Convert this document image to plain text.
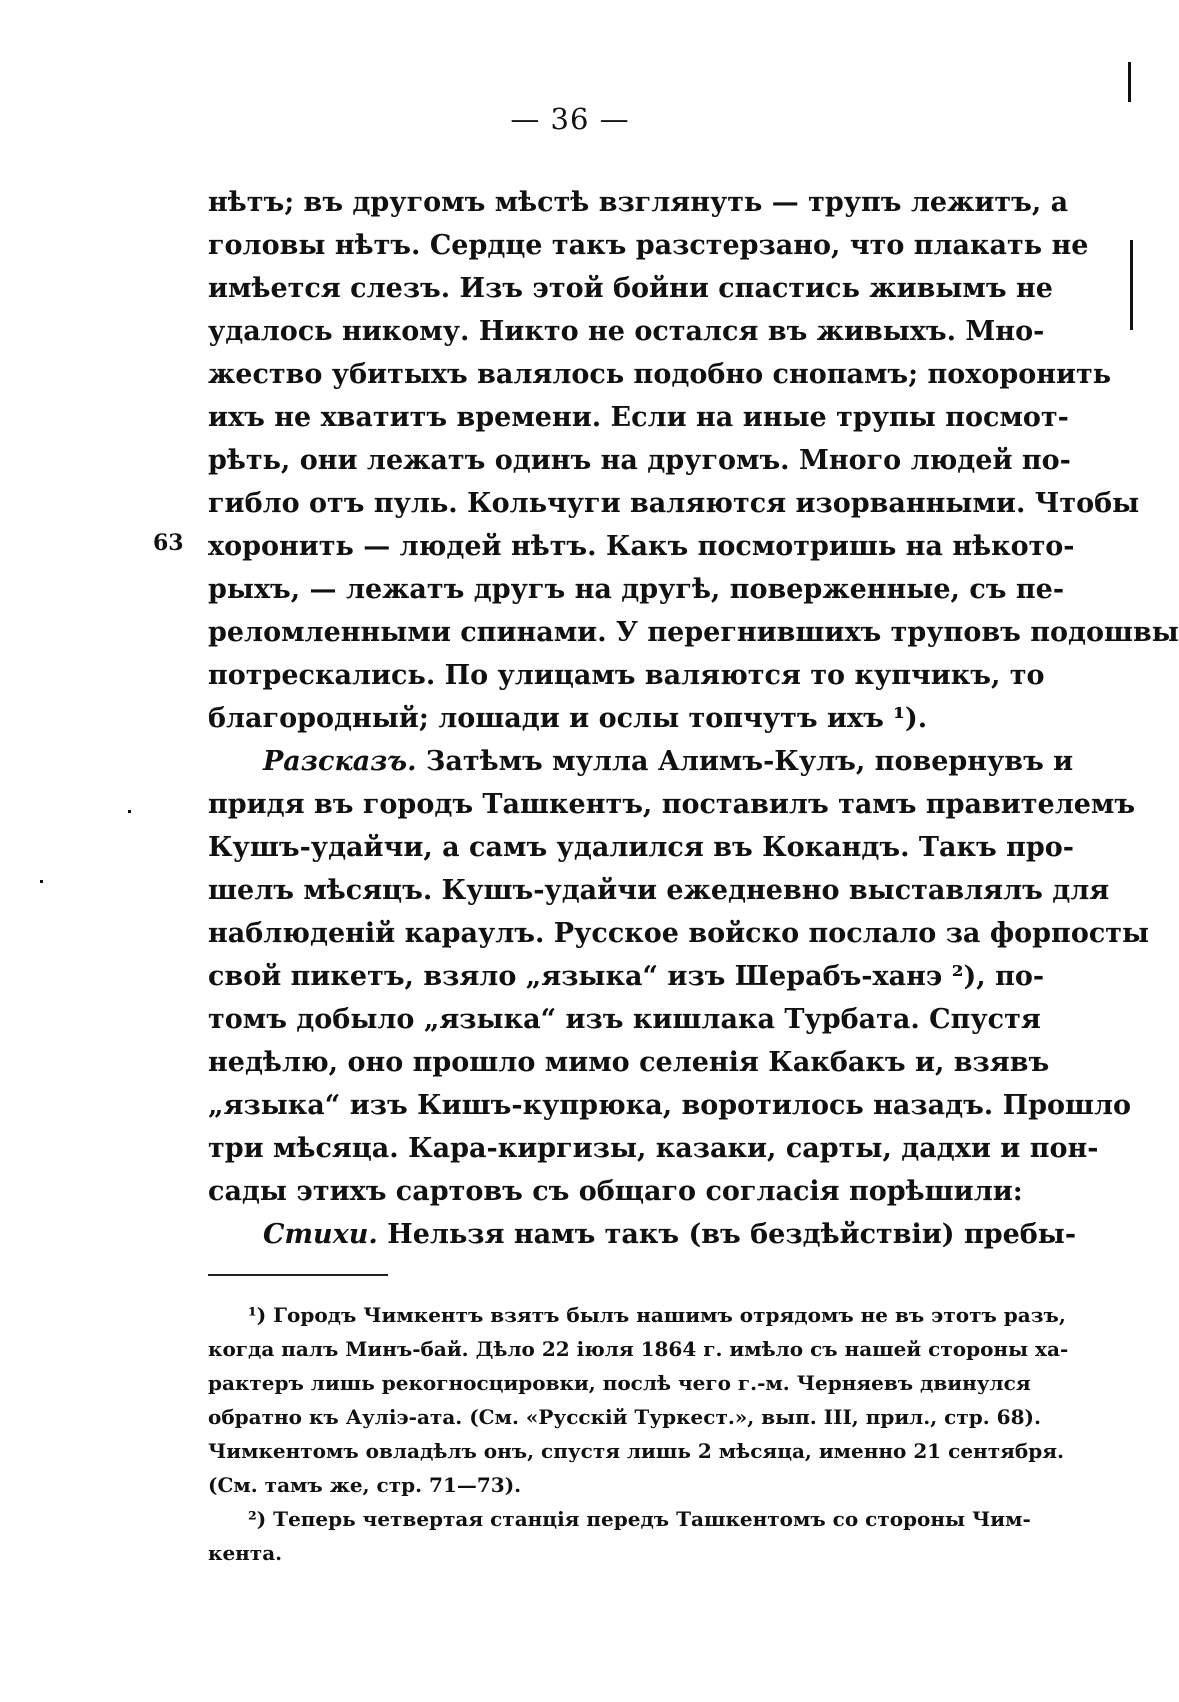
— 36 —
63
нѣтъ; въ другомъ мѣстѣ взглянуть — трупъ лежитъ, а
головы нѣтъ. Сердце такъ разстерзано, что плакать не
имѣется слезъ. Изъ этой бойни спастись живымъ не
удалось никому. Никто не остался въ живыхъ. Мно-
жество убитыхъ валялось подобно снопамъ; похоронить
ихъ не хватитъ времени. Если на иные трупы посмот-
рѣть, они лежатъ одинъ на другомъ. Много людей по-
гибло отъ пуль. Кольчуги валяются изорванными. Чтобы
хоронить — людей нѣтъ. Какъ посмотришь на нѣкото-
рыхъ, — лежатъ другъ на другѣ, поверженные, съ пе-
реломленными спинами. У перегнившихъ труповъ подошвы
потрескались. По улицамъ валяются то купчикъ, то
благородный; лошади и ослы топчутъ ихъ ¹).
Разсказъ. Затѣмъ мулла Алимъ-Кулъ, повернувъ и
придя въ городъ Ташкентъ, поставилъ тамъ правителемъ
Кушъ-удайчи, а самъ удалился въ Кокандъ. Такъ про-
шелъ мѣсяцъ. Кушъ-удайчи ежедневно выставлялъ для
наблюденій караулъ. Русское войско послало за форпосты
свой пикетъ, взяло „языка“ изъ Шерабъ-ханэ ²), по-
томъ добыло „языка“ изъ кишлака Турбата. Спустя
недѣлю, оно прошло мимо селенія Какбакъ и, взявъ
„языка“ изъ Кишъ-купрюка, воротилось назадъ. Прошло
три мѣсяца. Кара-киргизы, казаки, сарты, дадхи и пон-
сады этихъ сартовъ съ общаго согласія порѣшили:
Стихи. Нельзя намъ такъ (въ бездѣйствіи) пребы-
¹) Городъ Чимкентъ взятъ былъ нашимъ отрядомъ не въ этотъ разъ,
когда палъ Минъ-бай. Дѣло 22 іюля 1864 г. имѣло съ нашей стороны ха-
рактеръ лишь рекогносцировки, послѣ чего г.-м. Черняевъ двинулся
обратно къ Ауліэ-ата. (См. «Русскій Туркест.», вып. III, прил., стр. 68).
Чимкентомъ овладѣлъ онъ, спустя лишь 2 мѣсяца, именно 21 сентября.
(См. тамъ же, стр. 71—73).
²) Теперь четвертая станція передъ Ташкентомъ со стороны Чим-
кента.
